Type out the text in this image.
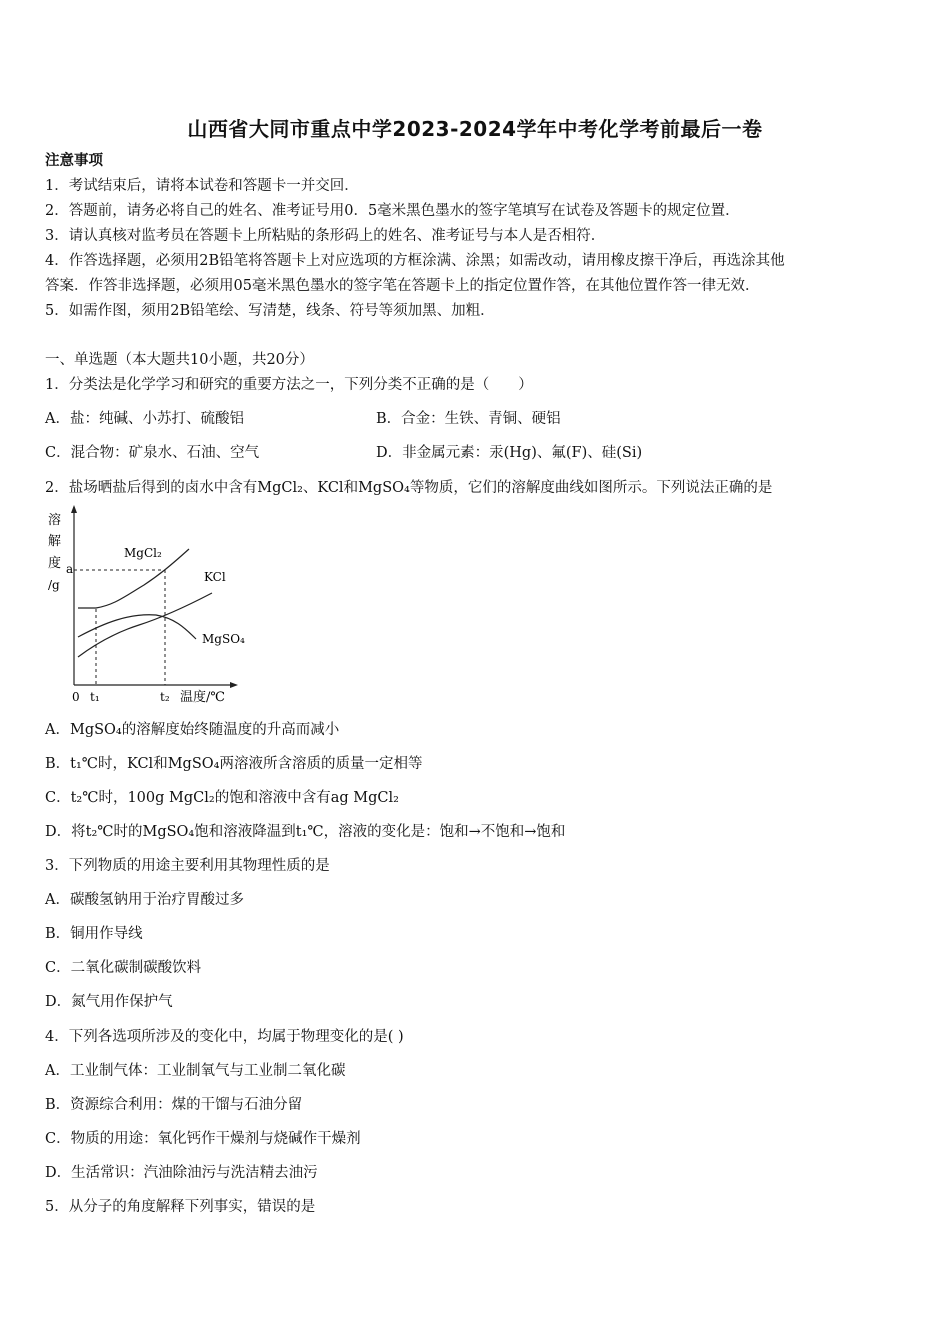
山西省大同市重点中学2023-2024学年中考化学考前最后一卷
注意事项
1．考试结束后，请将本试卷和答题卡一并交回．
2．答题前，请务必将自己的姓名、准考证号用0．5毫米黑色墨水的签字笔填写在试卷及答题卡的规定位置．
3．请认真核对监考员在答题卡上所粘贴的条形码上的姓名、准考证号与本人是否相符．
4．作答选择题，必须用2B铅笔将答题卡上对应选项的方框涂满、涂黑；如需改动，请用橡皮擦干净后，再选涂其他
答案．作答非选择题，必须用05毫米黑色墨水的签字笔在答题卡上的指定位置作答，在其他位置作答一律无效．
5．如需作图，须用2B铅笔绘、写清楚，线条、符号等须加黑、加粗．
一、单选题（本大题共10小题，共20分）
1．分类法是化学学习和研究的重要方法之一，下列分类不正确的是（　　）
A．盐：纯碱、小苏打、硫酸铝	B．合金：生铁、青铜、硬铝
C．混合物：矿泉水、石油、空气	D．非金属元素：汞(Hg)、氟(F)、硅(Si)
2．盐场晒盐后得到的卤水中含有MgCl₂、KCl和MgSO₄等物质，它们的溶解度曲线如图所示。下列说法正确的是
溶
解
度
/g
a
MgCl₂
KCl
MgSO₄
0 t₁	t₂ 温度/℃
A．MgSO₄的溶解度始终随温度的升高而减小
B．t₁℃时，KCl和MgSO₄两溶液所含溶质的质量一定相等
C．t₂℃时，100g MgCl₂的饱和溶液中含有ag MgCl₂
D．将t₂℃时的MgSO₄饱和溶液降温到t₁℃，溶液的变化是：饱和→不饱和→饱和
3．下列物质的用途主要利用其物理性质的是
A．碳酸氢钠用于治疗胃酸过多
B．铜用作导线
C．二氧化碳制碳酸饮料
D．氮气用作保护气
4．下列各选项所涉及的变化中，均属于物理变化的是( )
A．工业制气体：工业制氧气与工业制二氧化碳
B．资源综合利用：煤的干馏与石油分留
C．物质的用途：氧化钙作干燥剂与烧碱作干燥剂
D．生活常识：汽油除油污与洗洁精去油污
5．从分子的角度解释下列事实，错误的是
